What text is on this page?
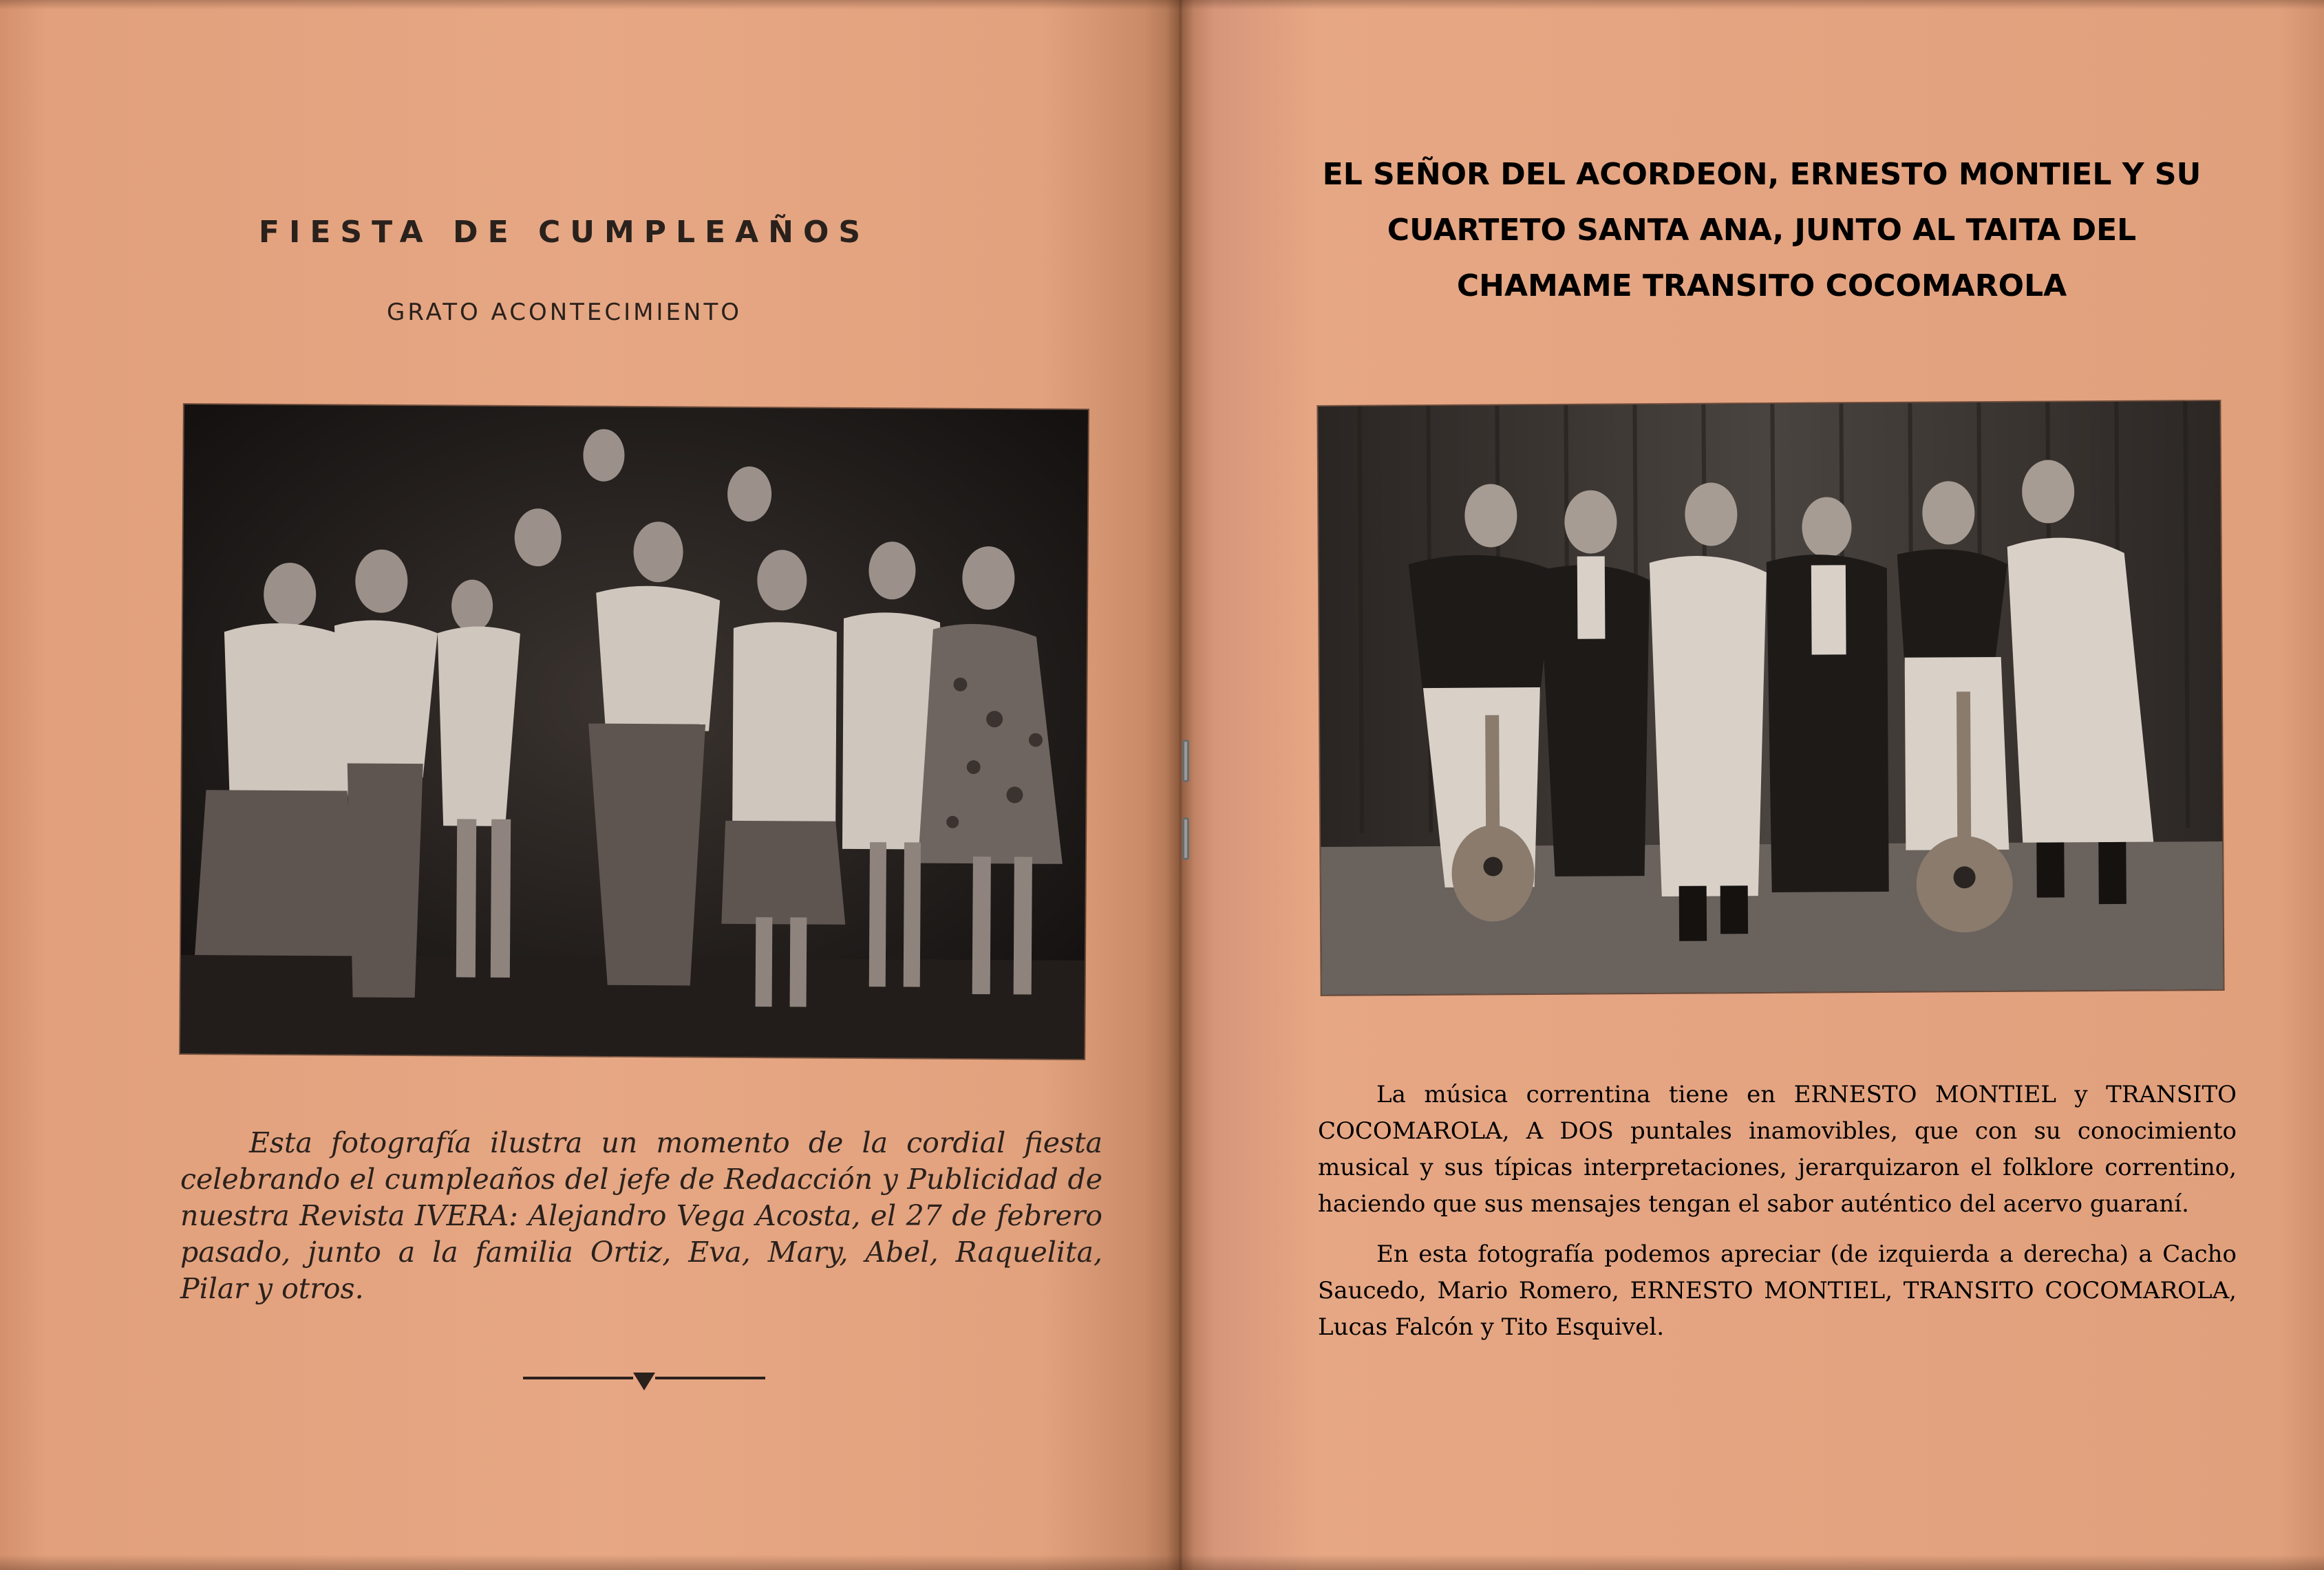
FIESTA DE CUMPLEAÑOS
GRATO ACONTECIMIENTO
Esta fotografía ilustra un momento de la cordial fiesta celebrando el cumpleaños del jefe de Redacción y Publicidad de nuestra Revista IVERA: Alejandro Vega Acosta, el 27 de febrero pasado, junto a la familia Ortiz, Eva, Mary, Abel, Raquelita, Pilar y otros.
EL SEÑOR DEL ACORDEON, ERNESTO MONTIEL Y SU
CUARTETO SANTA ANA, JUNTO AL TAITA DEL
CHAMAME TRANSITO COCOMAROLA

La música correntina tiene en ERNESTO MONTIEL y TRANSITO COCOMAROLA, A DOS puntales inamovibles, que con su conocimiento musical y sus típicas interpretaciones, jerarquizaron el folklore correntino, haciendo que sus mensajes tengan el sabor auténtico del acervo guaraní.

En esta fotografía podemos apreciar (de izquierda a derecha) a Cacho Saucedo, Mario Romero, ERNESTO MONTIEL, TRANSITO COCOMAROLA, Lucas Falcón y Tito Esquivel.
